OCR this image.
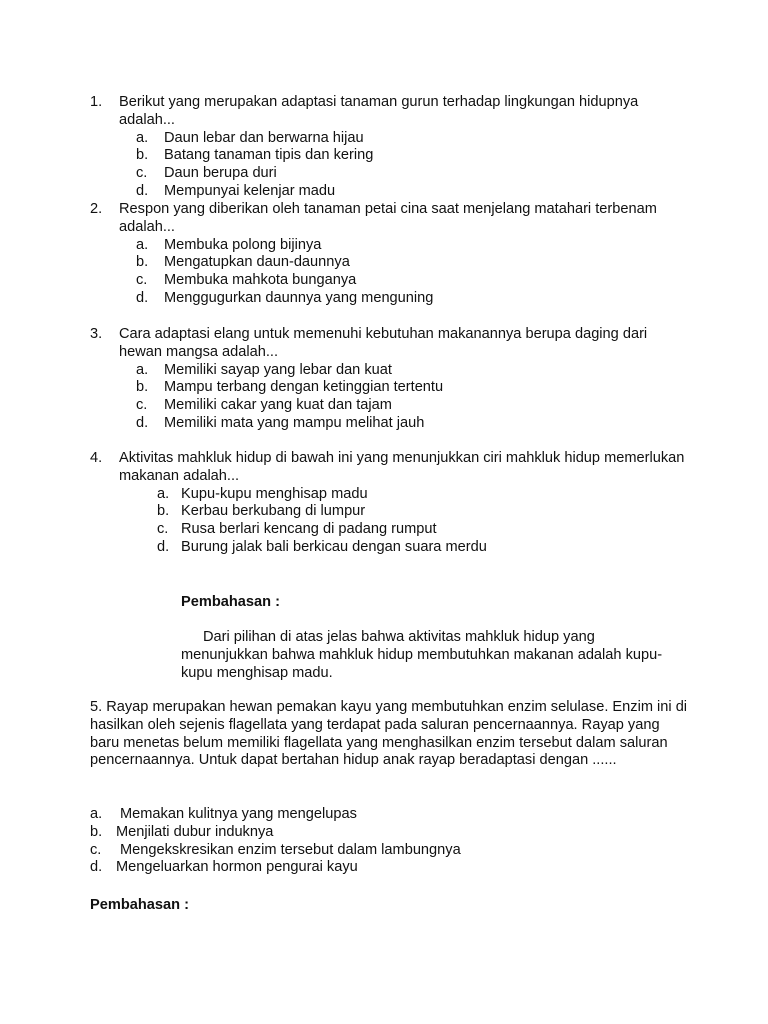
1. Berikut yang merupakan adaptasi tanaman gurun terhadap lingkungan hidupnya adalah...
a. Daun lebar dan berwarna hijau
b. Batang tanaman tipis dan kering
c. Daun berupa duri
d. Mempunyai kelenjar madu
2. Respon yang diberikan oleh tanaman petai cina saat menjelang matahari terbenam adalah...
a. Membuka polong bijinya
b. Mengatupkan daun-daunnya
c. Membuka mahkota bunganya
d. Menggugurkan daunnya yang menguning
3. Cara adaptasi elang untuk memenuhi kebutuhan makanannya berupa daging dari hewan mangsa adalah...
a. Memiliki sayap yang lebar dan kuat
b. Mampu terbang dengan ketinggian tertentu
c. Memiliki cakar yang kuat dan tajam
d. Memiliki mata yang mampu melihat jauh
4. Aktivitas mahkluk hidup di bawah ini yang menunjukkan ciri mahkluk hidup memerlukan makanan adalah...
a. Kupu-kupu menghisap madu
b. Kerbau berkubang di lumpur
c. Rusa berlari kencang di padang rumput
d. Burung jalak bali berkicau dengan suara merdu
Pembahasan :
Dari pilihan di atas jelas bahwa aktivitas mahkluk hidup yang menunjukkan bahwa mahkluk hidup membutuhkan makanan adalah kupu-kupu menghisap madu.
5. Rayap merupakan hewan pemakan kayu yang membutuhkan enzim selulase. Enzim ini di hasilkan oleh sejenis flagellata yang terdapat pada saluran pencernaannya. Rayap yang baru menetas belum memiliki flagellata yang menghasilkan enzim tersebut dalam saluran pencernaannya. Untuk dapat bertahan hidup anak rayap beradaptasi dengan ......
a. Memakan kulitnya yang mengelupas
b. Menjilati dubur induknya
c. Mengekskresikan enzim tersebut dalam lambungnya
d. Mengeluarkan hormon pengurai kayu
Pembahasan :
